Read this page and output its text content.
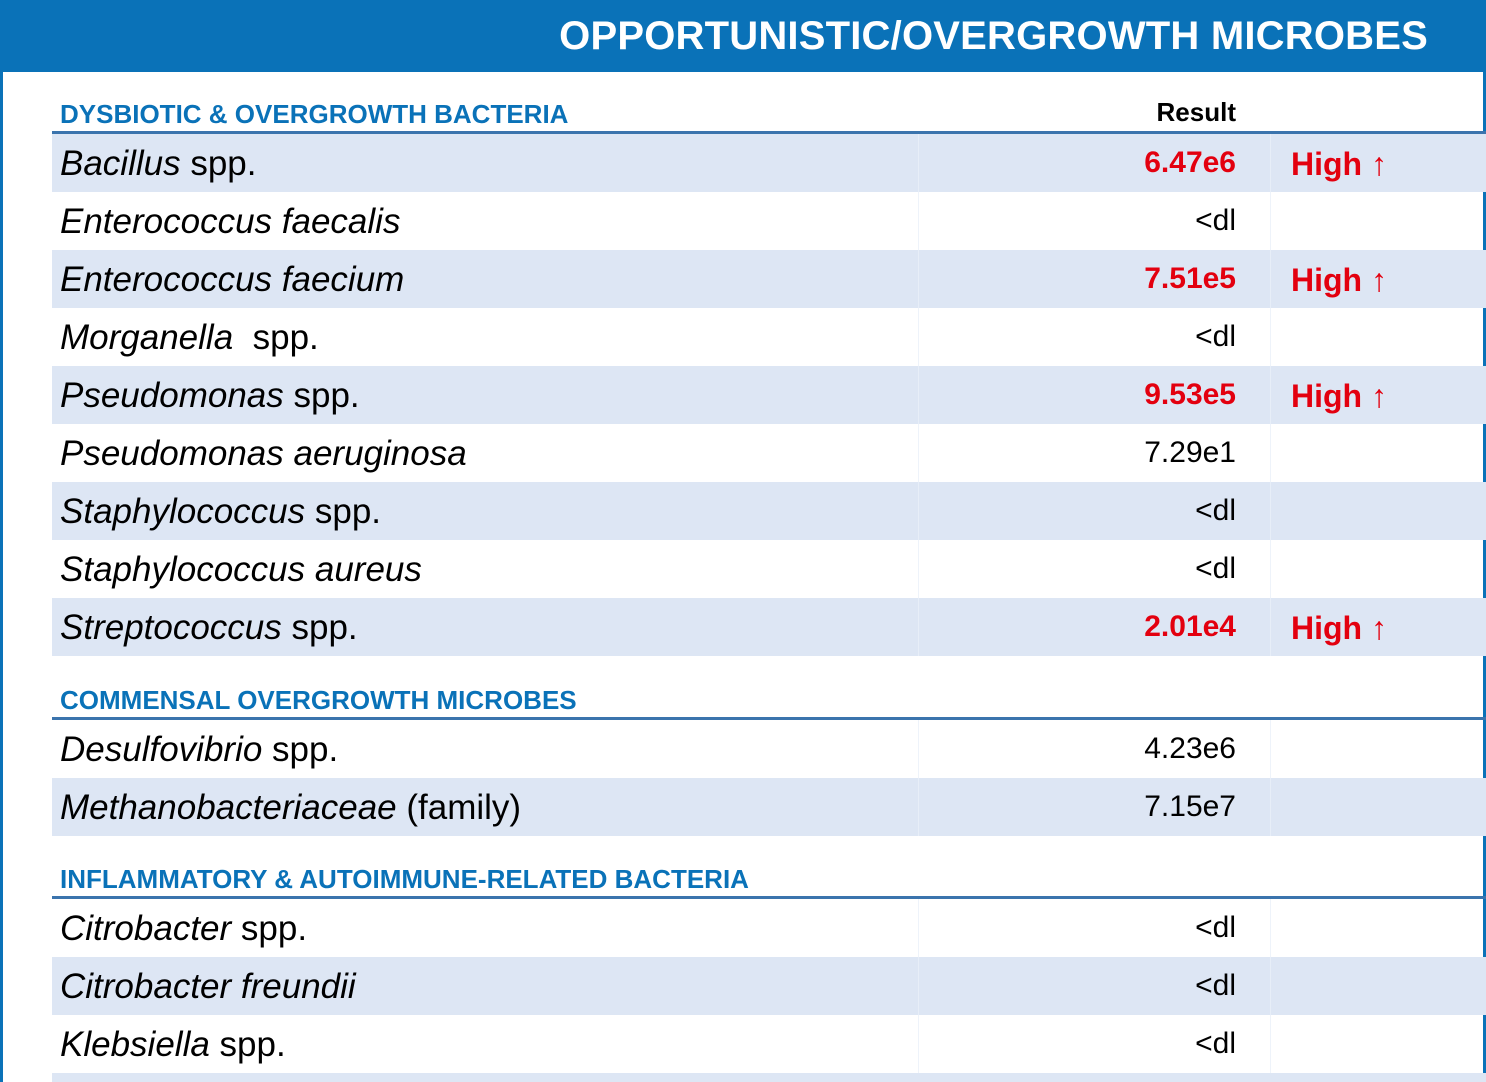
OPPORTUNISTIC/OVERGROWTH MICROBES
DYSBIOTIC & OVERGROWTH BACTERIA	Result
Bacillus spp.	6.47e6 High ↑
Enterococcus faecalis	<dl
Enterococcus faecium	7.51e5 High ↑
Morganella  spp.	<dl
Pseudomonas spp.	9.53e5 High ↑
Pseudomonas aeruginosa	7.29e1
Staphylococcus spp.	<dl
Staphylococcus aureus	<dl
Streptococcus spp.	2.01e4 High ↑
COMMENSAL OVERGROWTH MICROBES
Desulfovibrio spp.	4.23e6
Methanobacteriaceae (family)	7.15e7
INFLAMMATORY & AUTOIMMUNE-RELATED BACTERIA
Citrobacter spp.	<dl
Citrobacter freundii	<dl
Klebsiella spp.	<dl
